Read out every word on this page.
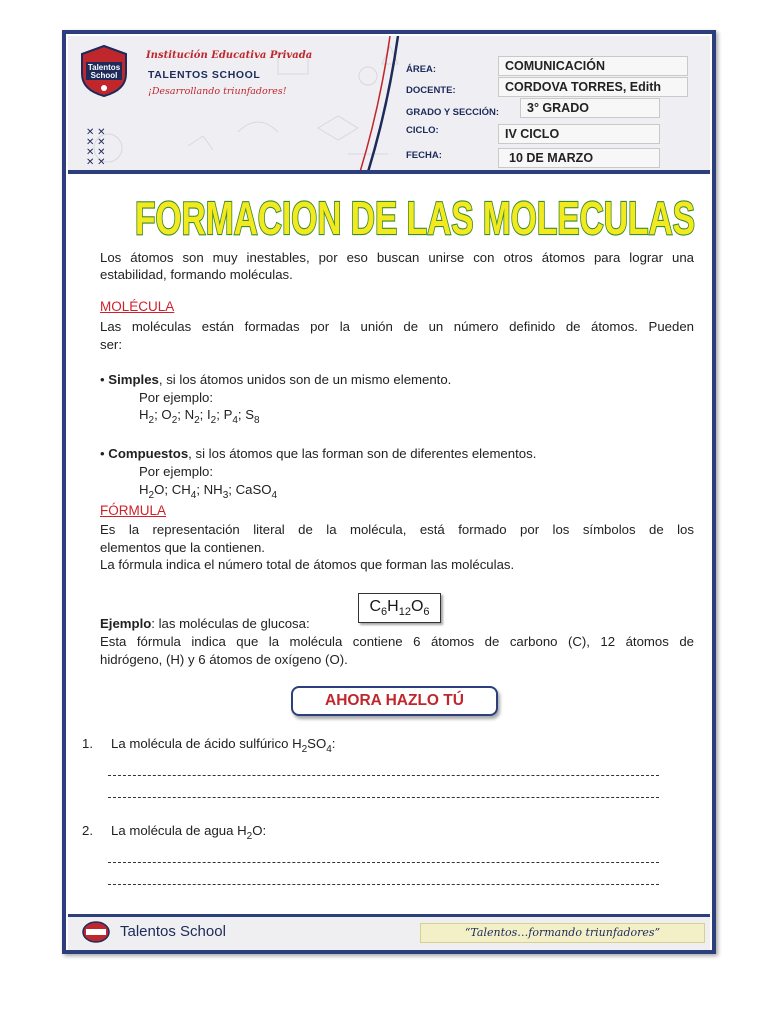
Talentos
School
Institución Educativa Privada
TALENTOS SCHOOL
¡Desarrollando triunfadores!
✕ ✕
✕ ✕
✕ ✕
✕ ✕
ÁREA:	COMUNICACIÓN
DOCENTE:	CORDOVA TORRES, Edith
GRADO Y SECCIÓN:	3° GRADO
CICLO:	IV CICLO
FECHA:	10 DE MARZO
FORMACION DE LAS MOLECULAS
Los átomos son muy inestables, por eso buscan unirse con otros átomos para lograr una
estabilidad, formando moléculas.
MOLÉCULA
Las moléculas están formadas por la unión de un número definido de átomos. Pueden
ser:
• Simples, si los átomos unidos son de un mismo elemento.
Por ejemplo:
$H_2$; $O_2$; $N_2$; $I_2$; $P_4$; $S_8$
• Compuestos, si los átomos que las forman son de diferentes elementos.
Por ejemplo:
$H_2O$; $CH_4$; $NH_3$; CaSO$_4$
FÓRMULA
Es la representación literal de la molécula, está formado por los símbolos de los
elementos que la contienen.
La fórmula indica el número total de átomos que forman las moléculas.
Ejemplo: las moléculas de glucosa:
$C_6H_{12}O_6$
Esta fórmula indica que la molécula contiene 6 átomos de carbono (C), 12 átomos de
hidrógeno, (H) y 6 átomos de oxígeno (O).
AHORA HAZLO TÚ
1. La molécula de ácido sulfúrico $H_2SO_4$:
2. La molécula de agua $H_2O$:
Talentos School	“Talentos…formando triunfadores”
